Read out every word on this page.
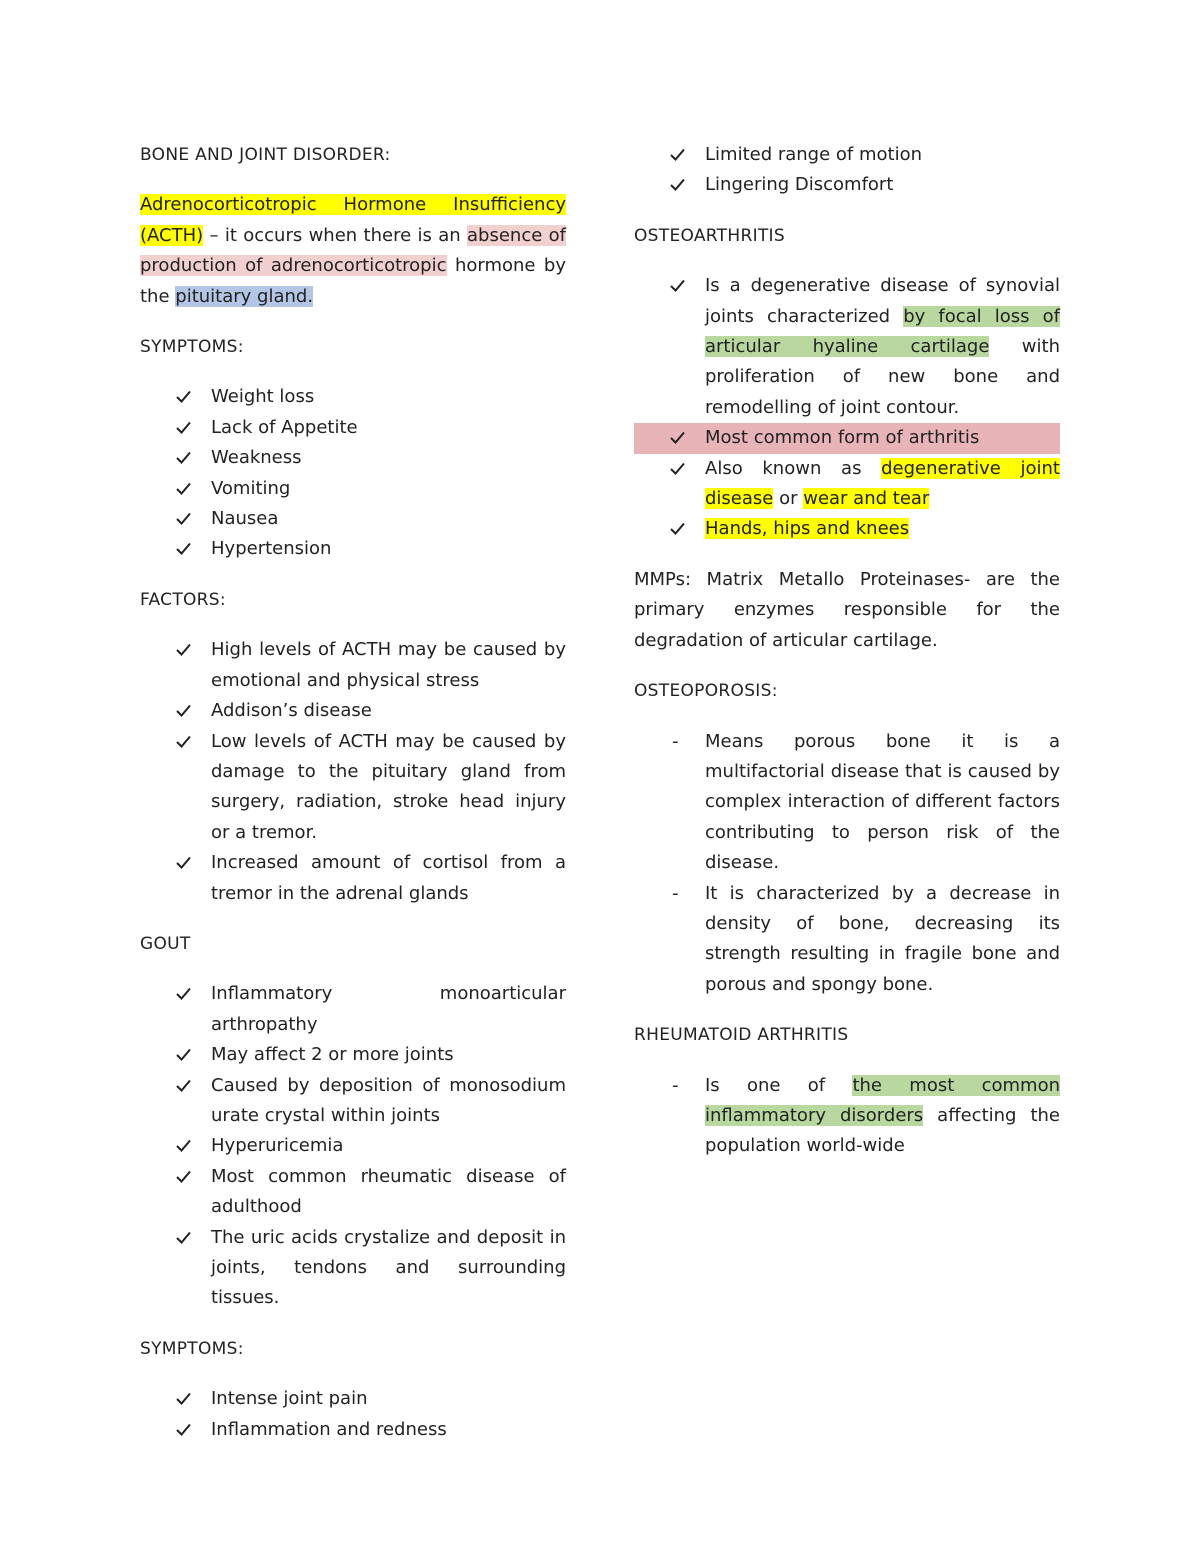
BONE AND JOINT DISORDER:

Adrenocorticotropic Hormone Insufficiency (ACTH) – it occurs when there is an absence of production of adrenocorticotropic hormone by the pituitary gland.

SYMPTOMS:
Weight loss
Lack of Appetite
Weakness
Vomiting
Nausea
Hypertension
FACTORS:
High levels of ACTH may be caused by emotional and physical stress
Addison’s disease
Low levels of ACTH may be caused by damage to the pituitary gland from surgery, radiation, stroke head injury or a tremor.
Increased amount of cortisol from a tremor in the adrenal glands
GOUT
Inflammatory monoarticular arthropathy
May affect 2 or more joints
Caused by deposition of monosodium urate crystal within joints
Hyperuricemia
Most common rheumatic disease of adulthood
The uric acids crystalize and deposit in joints, tendons and surrounding tissues.
SYMPTOMS:
Intense joint pain
Inflammation and redness
Limited range of motion
Lingering Discomfort
OSTEOARTHRITIS
Is a degenerative disease of synovial joints characterized by focal loss of articular hyaline cartilage with proliferation of new bone and remodelling of joint contour.
Most common form of arthritis
Also known as degenerative joint disease or wear and tear
Hands, hips and knees

MMPs: Matrix Metallo Proteinases- are the primary enzymes responsible for the degradation of articular cartilage.

OSTEOPOROSIS:
- Means porous bone it is a multifactorial disease that is caused by complex interaction of different factors contributing to person risk of the disease.
- It is characterized by a decrease in density of bone, decreasing its strength resulting in fragile bone and porous and spongy bone.
RHEUMATOID ARTHRITIS
- Is one of the most common inflammatory disorders affecting the population world-wide
